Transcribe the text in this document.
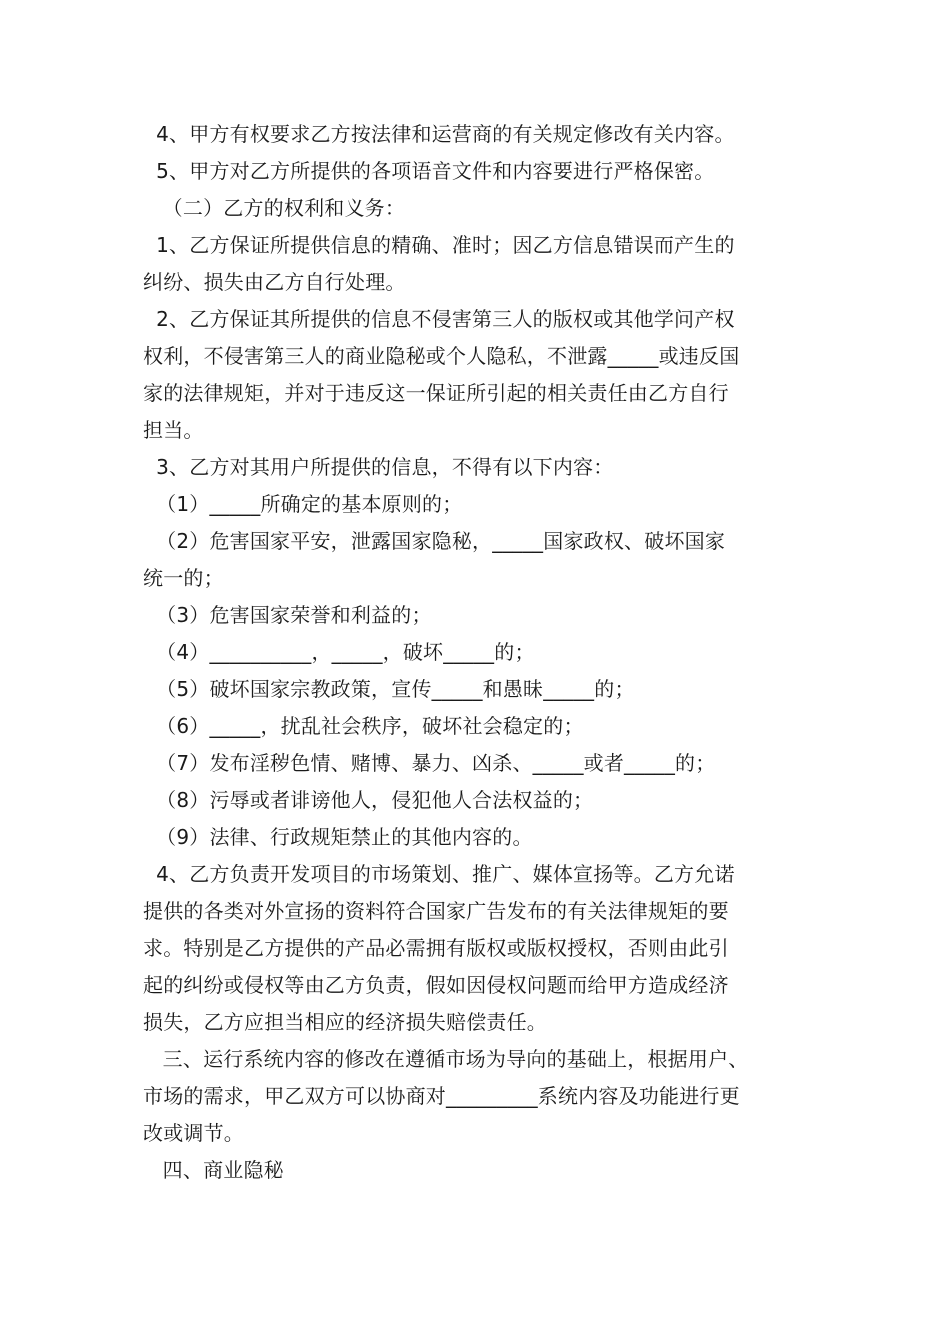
4、甲方有权要求乙方按法律和运营商的有关规定修改有关内容。
5、甲方对乙方所提供的各项语音文件和内容要进行严格保密。
（二）乙方的权利和义务：
1、乙方保证所提供信息的精确、准时；因乙方信息错误而产生的
纠纷、损失由乙方自行处理。
2、乙方保证其所提供的信息不侵害第三人的版权或其他学问产权
权利，不侵害第三人的商业隐秘或个人隐私，不泄露_____或违反国
家的法律规矩，并对于违反这一保证所引起的相关责任由乙方自行
担当。
3、乙方对其用户所提供的信息，不得有以下内容：
（1）_____所确定的基本原则的；
（2）危害国家平安，泄露国家隐秘，_____国家政权、破坏国家
统一的；
（3）危害国家荣誉和利益的；
（4）__________，_____，破坏_____的；
（5）破坏国家宗教政策，宣传_____和愚昧_____的；
（6）_____，扰乱社会秩序，破坏社会稳定的；
（7）发布淫秽色情、赌博、暴力、凶杀、_____或者_____的；
（8）污辱或者诽谤他人，侵犯他人合法权益的；
（9）法律、行政规矩禁止的其他内容的。
4、乙方负责开发项目的市场策划、推广、媒体宣扬等。乙方允诺
提供的各类对外宣扬的资料符合国家广告发布的有关法律规矩的要
求。特别是乙方提供的产品必需拥有版权或版权授权，否则由此引
起的纠纷或侵权等由乙方负责，假如因侵权问题而给甲方造成经济
损失，乙方应担当相应的经济损失赔偿责任。
三、运行系统内容的修改在遵循市场为导向的基础上，根据用户、
市场的需求，甲乙双方可以协商对_________系统内容及功能进行更
改或调节。
四、商业隐秘
